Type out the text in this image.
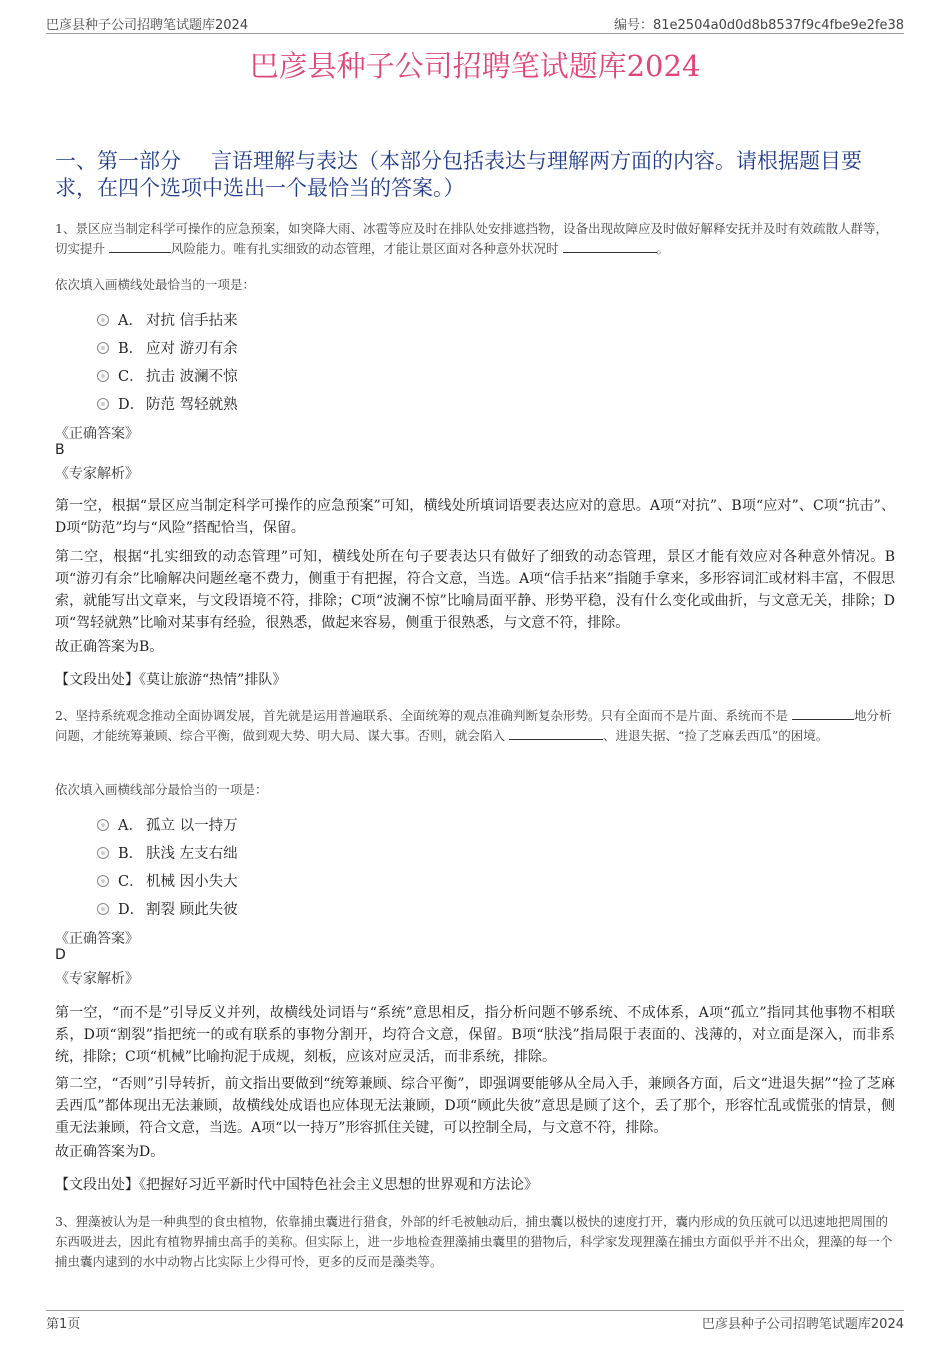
巴彦县种子公司招聘笔试题库2024	编号：81e2504a0d0d8b8537f9c4fbe9e2fe38
巴彦县种子公司招聘笔试题库2024
一、第一部分 言语理解与表达（本部分包括表达与理解两方面的内容。请根据题目要求，在四个选项中选出一个最恰当的答案。）
1、景区应当制定科学可操作的应急预案，如突降大雨、冰雹等应及时在排队处安排遮挡物，设备出现故障应及时做好解释安抚并及时有效疏散人群等，切实提升	风险能力。唯有扎实细致的动态管理，才能让景区面对各种意外状况时	。
依次填入画横线处最恰当的一项是：
A． 对抗 信手拈来
B． 应对 游刃有余
C． 抗击 波澜不惊
D． 防范 驾轻就熟
《正确答案》
B
《专家解析》
第一空，根据“景区应当制定科学可操作的应急预案”可知，横线处所填词语要表达应对的意思。A项“对抗”、B项“应对”、C项“抗击”、D项“防范”均与“风险”搭配恰当，保留。
第二空，根据“扎实细致的动态管理”可知，横线处所在句子要表达只有做好了细致的动态管理，景区才能有效应对各种意外情况。B项“游刃有余”比喻解决问题丝毫不费力，侧重于有把握，符合文意，当选。A项“信手拈来”指随手拿来，多形容词汇或材料丰富，不假思索，就能写出文章来，与文段语境不符，排除；C项“波澜不惊”比喻局面平静、形势平稳，没有什么变化或曲折，与文意无关，排除；D项“驾轻就熟”比喻对某事有经验，很熟悉，做起来容易，侧重于很熟悉，与文意不符，排除。
故正确答案为B。
【文段出处】《莫让旅游“热情”排队》
2、坚持系统观念推动全面协调发展，首先就是运用普遍联系、全面统筹的观点准确判断复杂形势。只有全面而不是片面、系统而不是	地分析问题，才能统筹兼顾、综合平衡，做到观大势、明大局、谋大事。否则，就会陷入	、进退失据、“捡了芝麻丢西瓜”的困境。
依次填入画横线部分最恰当的一项是：
A． 孤立 以一持万
B． 肤浅 左支右绌
C． 机械 因小失大
D． 割裂 顾此失彼
《正确答案》
D
《专家解析》
第一空，“而不是”引导反义并列，故横线处词语与“系统”意思相反，指分析问题不够系统、不成体系，A项“孤立”指同其他事物不相联系，D项“割裂”指把统一的或有联系的事物分割开，均符合文意，保留。B项“肤浅”指局限于表面的、浅薄的，对立面是深入，而非系统，排除；C项“机械”比喻拘泥于成规，刻板，应该对应灵活，而非系统，排除。
第二空，“否则”引导转折，前文指出要做到“统筹兼顾、综合平衡”，即强调要能够从全局入手，兼顾各方面，后文“进退失据”“捡了芝麻丢西瓜”都体现出无法兼顾，故横线处成语也应体现无法兼顾，D项“顾此失彼”意思是顾了这个，丢了那个，形容忙乱或慌张的情景，侧重无法兼顾，符合文意，当选。A项“以一持万”形容抓住关键，可以控制全局，与文意不符，排除。
故正确答案为D。
【文段出处】《把握好习近平新时代中国特色社会主义思想的世界观和方法论》
3、狸藻被认为是一种典型的食虫植物，依靠捕虫囊进行猎食，外部的纤毛被触动后，捕虫囊以极快的速度打开，囊内形成的负压就可以迅速地把周围的东西吸进去，因此有植物界捕虫高手的美称。但实际上，进一步地检查狸藻捕虫囊里的猎物后，科学家发现狸藻在捕虫方面似乎并不出众，狸藻的每一个捕虫囊内逮到的水中动物占比实际上少得可怜，更多的反而是藻类等。
第1页	巴彦县种子公司招聘笔试题库2024
